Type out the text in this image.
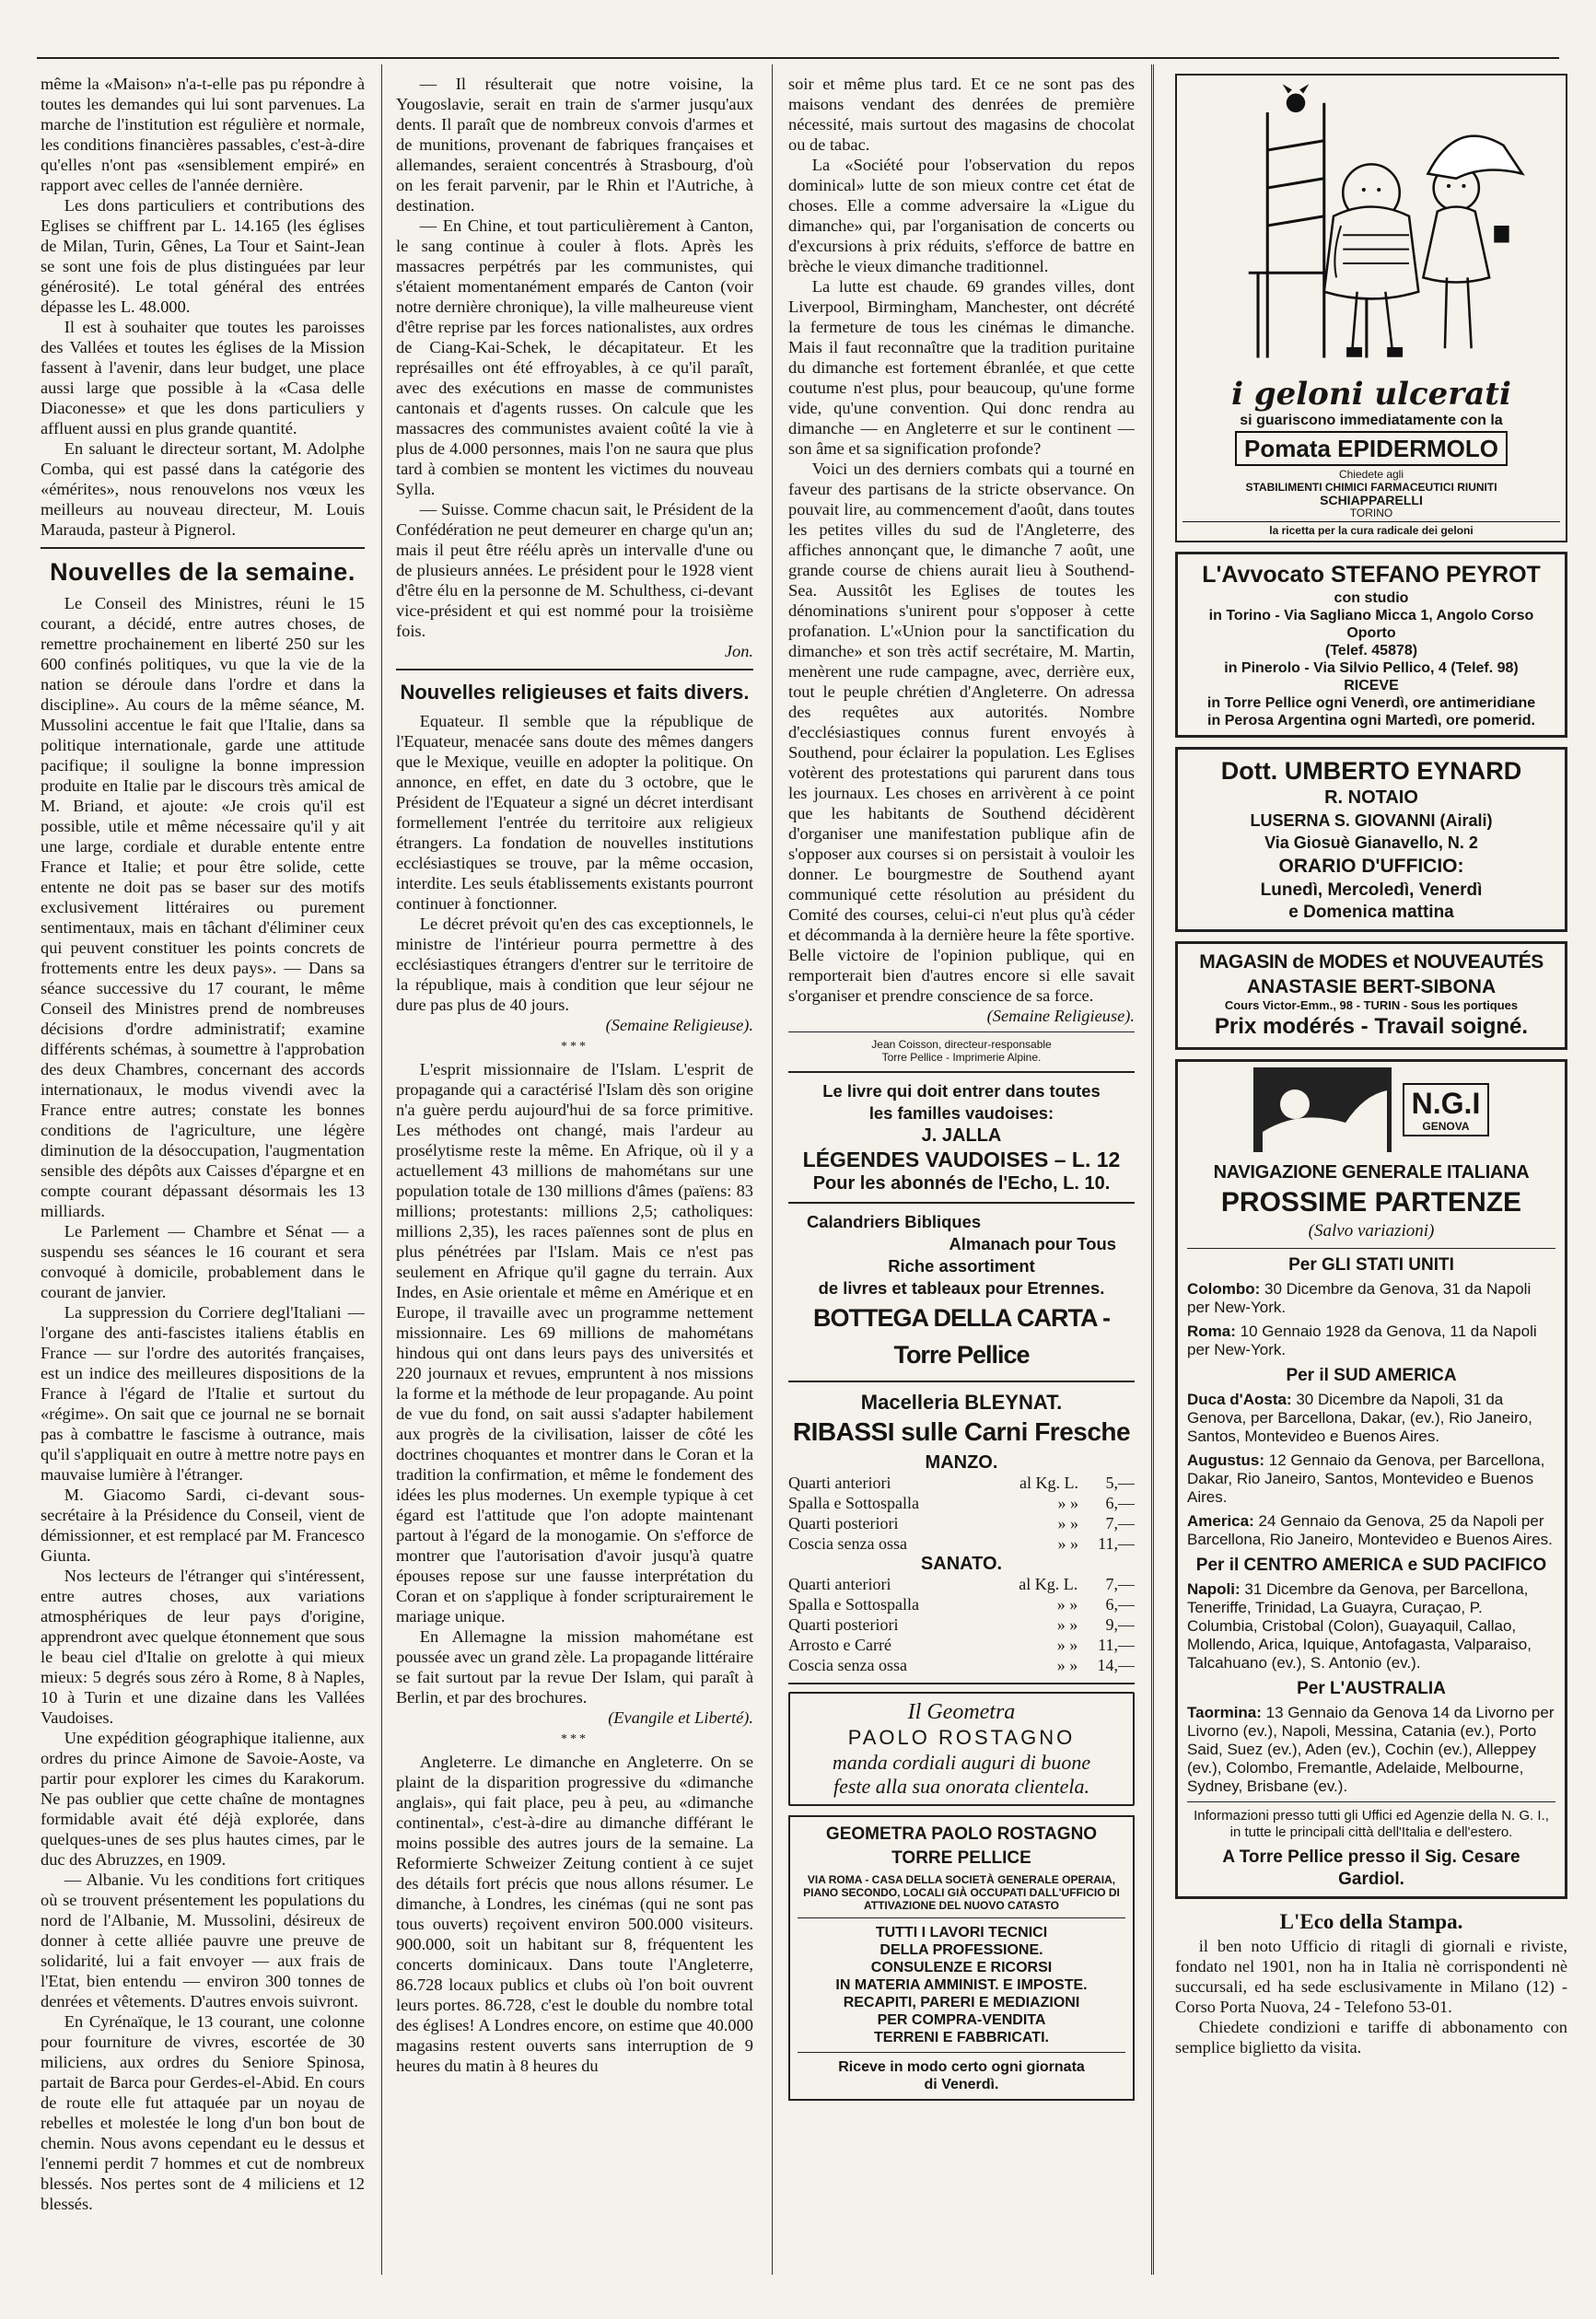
même la «Maison» n'a-t-elle pas pu répondre à toutes les demandes qui lui sont parvenues. La marche de l'institution est régulière et normale, les conditions financières passables, c'est-à-dire qu'elles n'ont pas «sensiblement empiré» en rapport avec celles de l'année dernière.

Les dons particuliers et contributions des Eglises se chiffrent par L. 14.165 (les églises de Milan, Turin, Gênes, La Tour et Saint-Jean se sont une fois de plus distinguées par leur générosité). Le total général des entrées dépasse les L. 48.000.

Il est à souhaiter que toutes les paroisses des Vallées et toutes les églises de la Mission fassent à l'avenir, dans leur budget, une place aussi large que possible à la «Casa delle Diaconesse» et que les dons particuliers y affluent aussi en plus grande quantité.

En saluant le directeur sortant, M. Adolphe Comba, qui est passé dans la catégorie des «émérites», nous renouvelons nos vœux les meilleurs au nouveau directeur, M. Louis Marauda, pasteur à Pignerol.

Nouvelles de la semaine.

Le Conseil des Ministres, réuni le 15 courant, a décidé, entre autres choses, de remettre prochainement en liberté 250 sur les 600 confinés politiques, vu que la vie de la nation se déroule dans l'ordre et dans la discipline». Au cours de la même séance, M. Mussolini accentue le fait que l'Italie, dans sa politique internationale, garde une attitude pacifique; il souligne la bonne impression produite en Italie par le discours très amical de M. Briand, et ajoute: «Je crois qu'il est possible, utile et même nécessaire qu'il y ait une large, cordiale et durable entente entre France et Italie; et pour être solide, cette entente ne doit pas se baser sur des motifs exclusivement littéraires ou purement sentimentaux, mais en tâchant d'éliminer ceux qui peuvent constituer les points concrets de frottements entre les deux pays». — Dans sa séance successive du 17 courant, le même Conseil des Ministres prend de nombreuses décisions d'ordre administratif; examine différents schémas, à soumettre à l'approbation des deux Chambres, concernant des accords internationaux, le modus vivendi avec la France entre autres; constate les bonnes conditions de l'agriculture, une légère diminution de la désoccupation, l'augmentation sensible des dépôts aux Caisses d'épargne et en compte courant dépassant désormais les 13 milliards.

Le Parlement — Chambre et Sénat — a suspendu ses séances le 16 courant et sera convoqué à domicile, probablement dans le courant de janvier.

La suppression du Corriere degl'Italiani — l'organe des anti-fascistes italiens établis en France — sur l'ordre des autorités françaises, est un indice des meilleures dispositions de la France à l'égard de l'Italie et surtout du «régime». On sait que ce journal ne se bornait pas à combattre le fascisme à outrance, mais qu'il s'appliquait en outre à mettre notre pays en mauvaise lumière à l'étranger.

M. Giacomo Sardi, ci-devant sous-secrétaire à la Présidence du Conseil, vient de démissionner, et est remplacé par M. Francesco Giunta.

Nos lecteurs de l'étranger qui s'intéressent, entre autres choses, aux variations atmosphériques de leur pays d'origine, apprendront avec quelque étonnement que sous le beau ciel d'Italie on grelotte à qui mieux mieux: 5 degrés sous zéro à Rome, 8 à Naples, 10 à Turin et une dizaine dans les Vallées Vaudoises.

Une expédition géographique italienne, aux ordres du prince Aimone de Savoie-Aoste, va partir pour explorer les cimes du Karakorum. Ne pas oublier que cette chaîne de montagnes formidable avait été déjà explorée, dans quelques-unes de ses plus hautes cimes, par le duc des Abruzzes, en 1909.

— Albanie. Vu les conditions fort critiques où se trouvent présentement les populations du nord de l'Albanie, M. Mussolini, désireux de donner à cette alliée pauvre une preuve de solidarité, lui a fait envoyer — aux frais de l'Etat, bien entendu — environ 300 tonnes de denrées et vêtements. D'autres envois suivront.

En Cyrénaïque, le 13 courant, une colonne pour fourniture de vivres, escortée de 30 miliciens, aux ordres du Seniore Spinosa, partait de Barca pour Gerdes-el-Abid. En cours de route elle fut attaquée par un noyau de rebelles et molestée le long d'un bon bout de chemin. Nous avons cependant eu le dessus et l'ennemi perdit 7 hommes et cut de nombreux blessés. Nos pertes sont de 4 miliciens et 12 blessés.

— Il résulterait que notre voisine, la Yougoslavie, serait en train de s'armer jusqu'aux dents. Il paraît que de nombreux convois d'armes et de munitions, provenant de fabriques françaises et allemandes, seraient concentrés à Strasbourg, d'où on les ferait parvenir, par le Rhin et l'Autriche, à destination.

— En Chine, et tout particulièrement à Canton, le sang continue à couler à flots. Après les massacres perpétrés par les communistes, qui s'étaient momentanément emparés de Canton (voir notre dernière chronique), la ville malheureuse vient d'être reprise par les forces nationalistes, aux ordres de Ciang-Kai-Schek, le décapitateur. Et les représailles ont été effroyables, à ce qu'il paraît, avec des exécutions en masse de communistes cantonais et d'agents russes. On calcule que les massacres des communistes avaient coûté la vie à plus de 4.000 personnes, mais l'on ne saura que plus tard à combien se montent les victimes du nouveau Sylla.

— Suisse. Comme chacun sait, le Président de la Confédération ne peut demeurer en charge qu'un an; mais il peut être réélu après un intervalle d'une ou de plusieurs années. Le président pour le 1928 vient d'être élu en la personne de M. Schulthess, ci-devant vice-président et qui est nommé pour la troisième fois.

Jon.

Nouvelles religieuses et faits divers.

Equateur. Il semble que la république de l'Equateur, menacée sans doute des mêmes dangers que le Mexique, veuille en adopter la politique. On annonce, en effet, en date du 3 octobre, que le Président de l'Equateur a signé un décret interdisant formellement l'entrée du territoire aux religieux étrangers. La fondation de nouvelles institutions ecclésiastiques se trouve, par la même occasion, interdite. Les seuls établissements existants pourront continuer à fonctionner.

Le décret prévoit qu'en des cas exceptionnels, le ministre de l'intérieur pourra permettre à des ecclésiastiques étrangers d'entrer sur le territoire de la république, mais à condition que leur séjour ne dure pas plus de 40 jours.

(Semaine Religieuse).

***

L'esprit missionnaire de l'Islam. L'esprit de propagande qui a caractérisé l'Islam dès son origine n'a guère perdu aujourd'hui de sa force primitive. Les méthodes ont changé, mais l'ardeur au prosélytisme reste la même. En Afrique, où il y a actuellement 43 millions de mahométans sur une population totale de 130 millions d'âmes (païens: 83 millions; protestants: millions 2,5; catholiques: millions 2,35), les races païennes sont de plus en plus pénétrées par l'Islam. Mais ce n'est pas seulement en Afrique qu'il gagne du terrain. Aux Indes, en Asie orientale et même en Amérique et en Europe, il travaille avec un programme nettement missionnaire. Les 69 millions de mahométans hindous qui ont dans leurs pays des universités et 220 journaux et revues, empruntent à nos missions la forme et la méthode de leur propagande. Au point de vue du fond, on sait aussi s'adapter habilement aux progrès de la civilisation, laisser de côté les doctrines choquantes et montrer dans le Coran et la tradition la confirmation, et même le fondement des idées les plus modernes. Un exemple typique à cet égard est l'attitude que l'on adopte maintenant partout à l'égard de la monogamie. On s'efforce de montrer que l'autorisation d'avoir jusqu'à quatre épouses repose sur une fausse interprétation du Coran et on s'applique à fonder scripturairement le mariage unique.

En Allemagne la mission mahométane est poussée avec un grand zèle. La propagande littéraire se fait surtout par la revue Der Islam, qui paraît à Berlin, et par des brochures.

(Evangile et Liberté).

***

Angleterre. Le dimanche en Angleterre. On se plaint de la disparition progressive du «dimanche anglais», qui fait place, peu à peu, au «dimanche continental», c'est-à-dire au dimanche différant le moins possible des autres jours de la semaine. La Reformierte Schweizer Zeitung contient à ce sujet des détails fort précis que nous allons résumer. Le dimanche, à Londres, les cinémas (qui ne sont pas tous ouverts) reçoivent environ 500.000 visiteurs. 900.000, soit un habitant sur 8, fréquentent les concerts dominicaux. Dans toute l'Angleterre, 86.728 locaux publics et clubs où l'on boit ouvrent leurs portes. 86.728, c'est le double du nombre total des églises! A Londres encore, on estime que 40.000 magasins restent ouverts sans interruption de 9 heures du matin à 8 heures du

soir et même plus tard. Et ce ne sont pas des maisons vendant des denrées de première nécessité, mais surtout des magasins de chocolat ou de tabac.

La «Société pour l'observation du repos dominical» lutte de son mieux contre cet état de choses. Elle a comme adversaire la «Ligue du dimanche» qui, par l'organisation de concerts ou d'excursions à prix réduits, s'efforce de battre en brèche le vieux dimanche traditionnel.

La lutte est chaude. 69 grandes villes, dont Liverpool, Birmingham, Manchester, ont décrété la fermeture de tous les cinémas le dimanche. Mais il faut reconnaître que la tradition puritaine du dimanche est fortement ébranlée, et que cette coutume n'est plus, pour beaucoup, qu'une forme vide, qu'une convention. Qui donc rendra au dimanche — en Angleterre et sur le continent — son âme et sa signification profonde?

Voici un des derniers combats qui a tourné en faveur des partisans de la stricte observance. On pouvait lire, au commencement d'août, dans toutes les petites villes du sud de l'Angleterre, des affiches annonçant que, le dimanche 7 août, une grande course de chiens aurait lieu à Southend-Sea. Aussitôt les Eglises de toutes les dénominations s'unirent pour s'opposer à cette profanation. L'«Union pour la sanctification du dimanche» et son très actif secrétaire, M. Martin, menèrent une rude campagne, avec, derrière eux, tout le peuple chrétien d'Angleterre. On adressa des requêtes aux autorités. Nombre d'ecclésiastiques connus furent envoyés à Southend, pour éclairer la population. Les Eglises votèrent des protestations qui parurent dans tous les journaux. Les choses en arrivèrent à ce point que les habitants de Southend décidèrent d'organiser une manifestation publique afin de s'opposer aux courses si on persistait à vouloir les donner. Le bourgmestre de Southend ayant communiqué cette résolution au président du Comité des courses, celui-ci n'eut plus qu'à céder et décommanda à la dernière heure la fête sportive. Belle victoire de l'opinion publique, qui en remporterait bien d'autres encore si elle savait s'organiser et prendre conscience de sa force.

(Semaine Religieuse).

Jean Coisson, directeur-responsable
Torre Pellice - Imprimerie Alpine.
Le livre qui doit entrer dans toutes
les familles vaudoises:
J. JALLA
LÉGENDES VAUDOISES – L. 12
Pour les abonnés de l'Echo, L. 10.
Calandriers Bibliques
Almanach pour Tous
Riche assortiment
de livres et tableaux pour Etrennes.
BOTTEGA DELLA CARTA - Torre Pellice
Macelleria BLEYNAT.
RIBASSI sulle Carni Fresche
MANZO.
Quarti anteriori	al Kg. L.	5,—
Spalla e Sottospalla	» »	6,—
Quarti posteriori	» »	7,—
Coscia senza ossa	» »	11,—
SANATO.
Quarti anteriori	al Kg. L.	7,—
Spalla e Sottospalla	» »	6,—
Quarti posteriori	» »	9,—
Arrosto e Carré	» »	11,—
Coscia senza ossa	» »	14,—
Il Geometra
PAOLO ROSTAGNO
manda cordiali auguri di buone
feste alla sua onorata clientela.
GEOMETRA PAOLO ROSTAGNO
TORRE PELLICE
VIA ROMA - CASA DELLA SOCIETÀ GENERALE OPERAIA, PIANO SECONDO, LOCALI GIÀ OCCUPATI DALL'UFFICIO DI ATTIVAZIONE DEL NUOVO CATASTO
TUTTI I LAVORI TECNICI
DELLA PROFESSIONE.
CONSULENZE E RICORSI
IN MATERIA AMMINIST. E IMPOSTE.
RECAPITI, PARERI E MEDIAZIONI
PER COMPRA-VENDITA
TERRENI E FABBRICATI.
Riceve in modo certo ogni giornata
di Venerdì.
i geloni ulcerati
si guariscono immediatamente con la
Pomata EPIDERMOLO
Chiedete agli
STABILIMENTI CHIMICI FARMACEUTICI RIUNITI
SCHIAPPARELLI
TORINO
la ricetta per la cura radicale dei geloni
L'Avvocato STEFANO PEYROT
con studio
in Torino - Via Sagliano Micca 1, Angolo Corso Oporto
(Telef. 45878)
in Pinerolo - Via Silvio Pellico, 4 (Telef. 98)
RICEVE
in Torre Pellice ogni Venerdì, ore antimeridiane
in Perosa Argentina ogni Martedì, ore pomerid.
Dott. UMBERTO EYNARD
R. NOTAIO
LUSERNA S. GIOVANNI (Airali)
Via Giosuè Gianavello, N. 2
ORARIO D'UFFICIO:
Lunedì, Mercoledì, Venerdì
e Domenica mattina
MAGASIN de MODES et NOUVEAUTÉS
ANASTASIE BERT-SIBONA
Cours Victor-Emm., 98 - TURIN - Sous les portiques
Prix modérés - Travail soigné.
N.G.I
GENOVA
NAVIGAZIONE GENERALE ITALIANA
PROSSIME PARTENZE
(Salvo variazioni)
Per GLI STATI UNITI
Colombo: 30 Dicembre da Genova, 31 da Napoli per New-York.
Roma: 10 Gennaio 1928 da Genova, 11 da Napoli per New-York.
Per il SUD AMERICA
Duca d'Aosta: 30 Dicembre da Napoli, 31 da Genova, per Barcellona, Dakar, (ev.), Rio Janeiro, Santos, Montevideo e Buenos Aires.
Augustus: 12 Gennaio da Genova, per Barcellona, Dakar, Rio Janeiro, Santos, Montevideo e Buenos Aires.
America: 24 Gennaio da Genova, 25 da Napoli per Barcellona, Rio Janeiro, Montevideo e Buenos Aires.
Per il CENTRO AMERICA e SUD PACIFICO
Napoli: 31 Dicembre da Genova, per Barcellona, Teneriffe, Trinidad, La Guayra, Curaçao, P. Columbia, Cristobal (Colon), Guayaquil, Callao, Mollendo, Arica, Iquique, Antofagasta, Valparaiso, Talcahuano (ev.), S. Antonio (ev.).
Per L'AUSTRALIA
Taormina: 13 Gennaio da Genova 14 da Livorno per Livorno (ev.), Napoli, Messina, Catania (ev.), Porto Said, Suez (ev.), Aden (ev.), Cochin (ev.), Alleppey (ev.), Colombo, Fremantle, Adelaide, Melbourne, Sydney, Brisbane (ev.).
Informazioni presso tutti gli Uffici ed Agenzie della N. G. I., in tutte le principali città dell'Italia e dell'estero.
A Torre Pellice presso il Sig. Cesare Gardiol.
L'Eco della Stampa.

il ben noto Ufficio di ritagli di giornali e riviste, fondato nel 1901, non ha in Italia nè corrispondenti nè succursali, ed ha sede esclusivamente in Milano (12) - Corso Porta Nuova, 24 - Telefono 53-01.

Chiedete condizioni e tariffe di abbonamento con semplice biglietto da visita.
